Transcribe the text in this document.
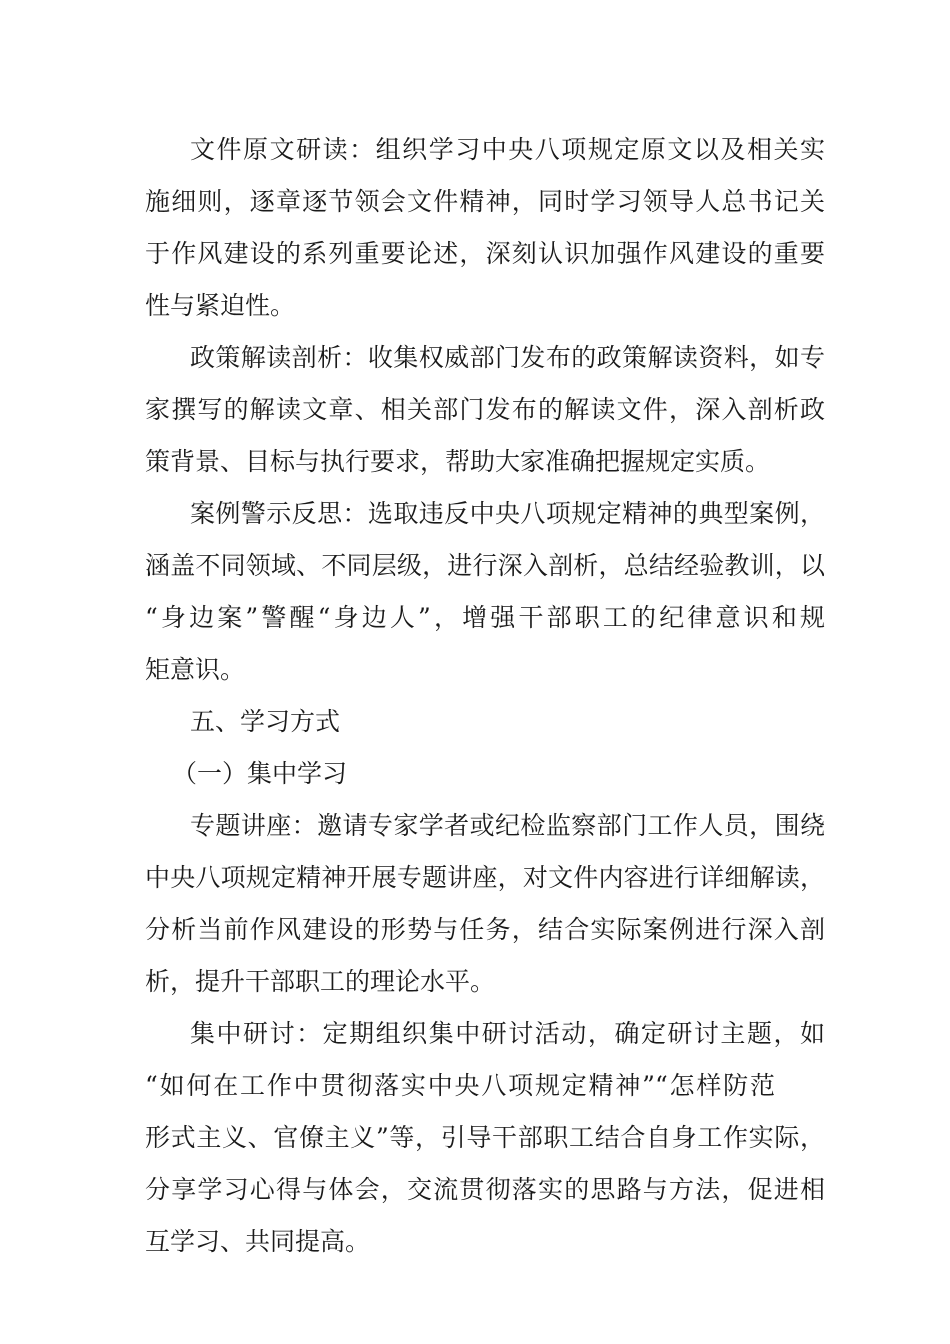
文件原文研读：组织学习中央八项规定原文以及相关实
施细则，逐章逐节领会文件精神，同时学习领导人总书记关
于作风建设的系列重要论述，深刻认识加强作风建设的重要
性与紧迫性。
政策解读剖析：收集权威部门发布的政策解读资料，如专
家撰写的解读文章、相关部门发布的解读文件，深入剖析政
策背景、目标与执行要求，帮助大家准确把握规定实质。
案例警示反思：选取违反中央八项规定精神的典型案例，
涵盖不同领域、不同层级，进行深入剖析，总结经验教训，以
“身边案”警醒“身边人”，增强干部职工的纪律意识和规
矩意识。
五、学习方式
（一）集中学习
专题讲座：邀请专家学者或纪检监察部门工作人员，围绕
中央八项规定精神开展专题讲座，对文件内容进行详细解读，
分析当前作风建设的形势与任务，结合实际案例进行深入剖
析，提升干部职工的理论水平。
集中研讨：定期组织集中研讨活动，确定研讨主题，如
“如何在工作中贯彻落实中央八项规定精神”“怎样防范
形式主义、官僚主义”等，引导干部职工结合自身工作实际，
分享学习心得与体会，交流贯彻落实的思路与方法，促进相
互学习、共同提高。
